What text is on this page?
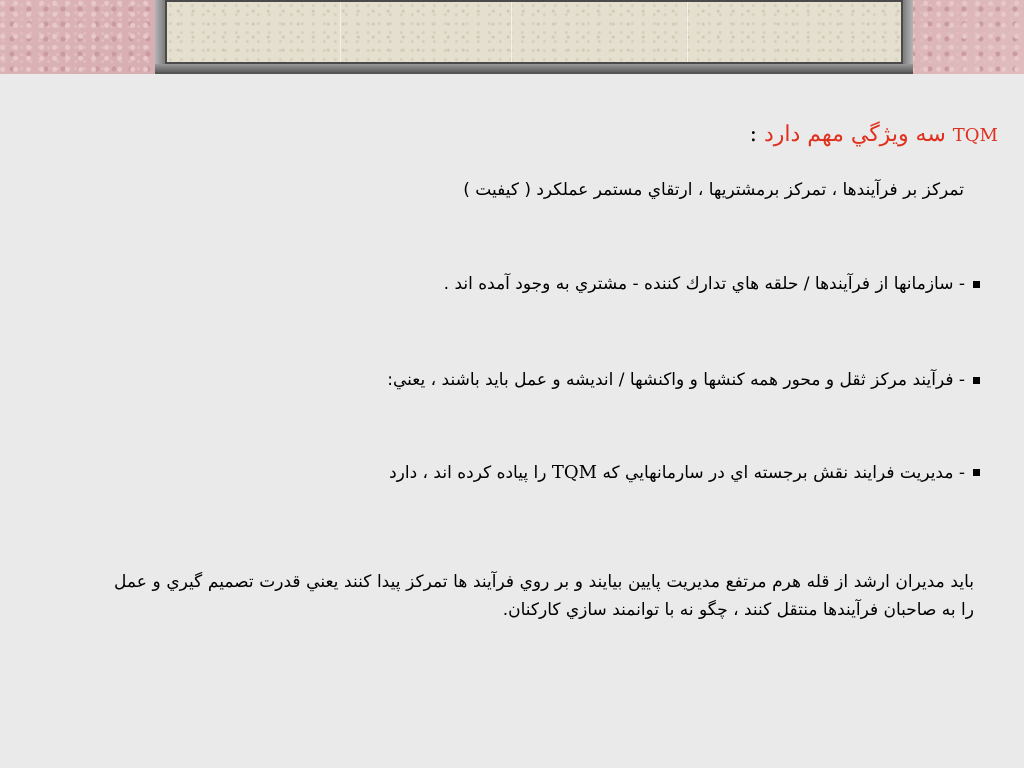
TQM سه ويژگي مهم دارد :
تمركز بر فرآيندها ، تمركز برمشتريها ، ارتقاي مستمر عملكرد ( كيفيت )
- سازمانها از فرآيندها / حلقه هاي تدارك كننده - مشتري به وجود آمده اند .
- فرآيند مركز ثقل و محور همه كنشها و واكنشها / انديشه و عمل بايد باشند ، يعني:
- مديريت فرايند نقش برجسته اي در سارمانهايي كه TQM را پياده كرده اند ، دارد
بايد مديران ارشد از قله هرم مرتفع مديريت پايين بيايند و بر روي فرآيند ها تمركز پيدا كنند يعني قدرت تصميم گيري و عمل را به صاحبان فرآيندها منتقل كنند ، چگو نه با توانمند سازي كاركنان.
